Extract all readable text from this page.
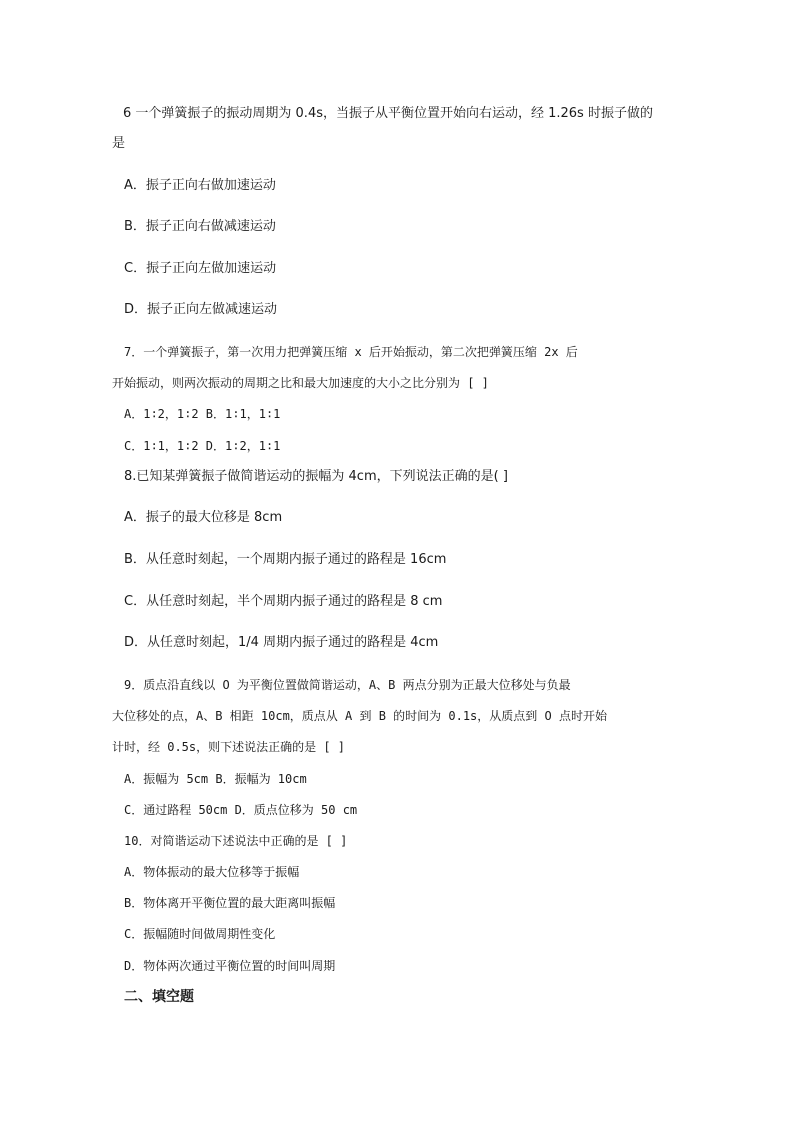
6 一个弹簧振子的振动周期为 0.4s，当振子从平衡位置开始向右运动，经 1.26s 时振子做的
是
A．振子正向右做加速运动
B．振子正向右做减速运动
C．振子正向左做加速运动
D．振子正向左做减速运动
7．一个弹簧振子，第一次用力把弹簧压缩 x 后开始振动，第二次把弹簧压缩 2x 后
开始振动，则两次振动的周期之比和最大加速度的大小之比分别为 [ ]
A．1∶2，1∶2 B．1∶1，1∶1
C．1∶1，1∶2 D．1∶2，1∶1
8.已知某弹簧振子做简谐运动的振幅为 4cm，下列说法正确的是( ]
A．振子的最大位移是 8cm
B．从任意时刻起，一个周期内振子通过的路程是 16cm
C．从任意时刻起，半个周期内振子通过的路程是 8 cm
D．从任意时刻起，1/4 周期内振子通过的路程是 4cm
9．质点沿直线以 O 为平衡位置做简谐运动，A、B 两点分别为正最大位移处与负最
大位移处的点，A、B 相距 10cm，质点从 A 到 B 的时间为 0.1s，从质点到 O 点时开始
计时，经 0.5s，则下述说法正确的是 [ ]
A．振幅为 5cm B．振幅为 10cm
C．通过路程 50cm D．质点位移为 50 cm
10．对简谐运动下述说法中正确的是 [ ]
A．物体振动的最大位移等于振幅
B．物体离开平衡位置的最大距离叫振幅
C．振幅随时间做周期性变化
D．物体两次通过平衡位置的时间叫周期
二、填空题
